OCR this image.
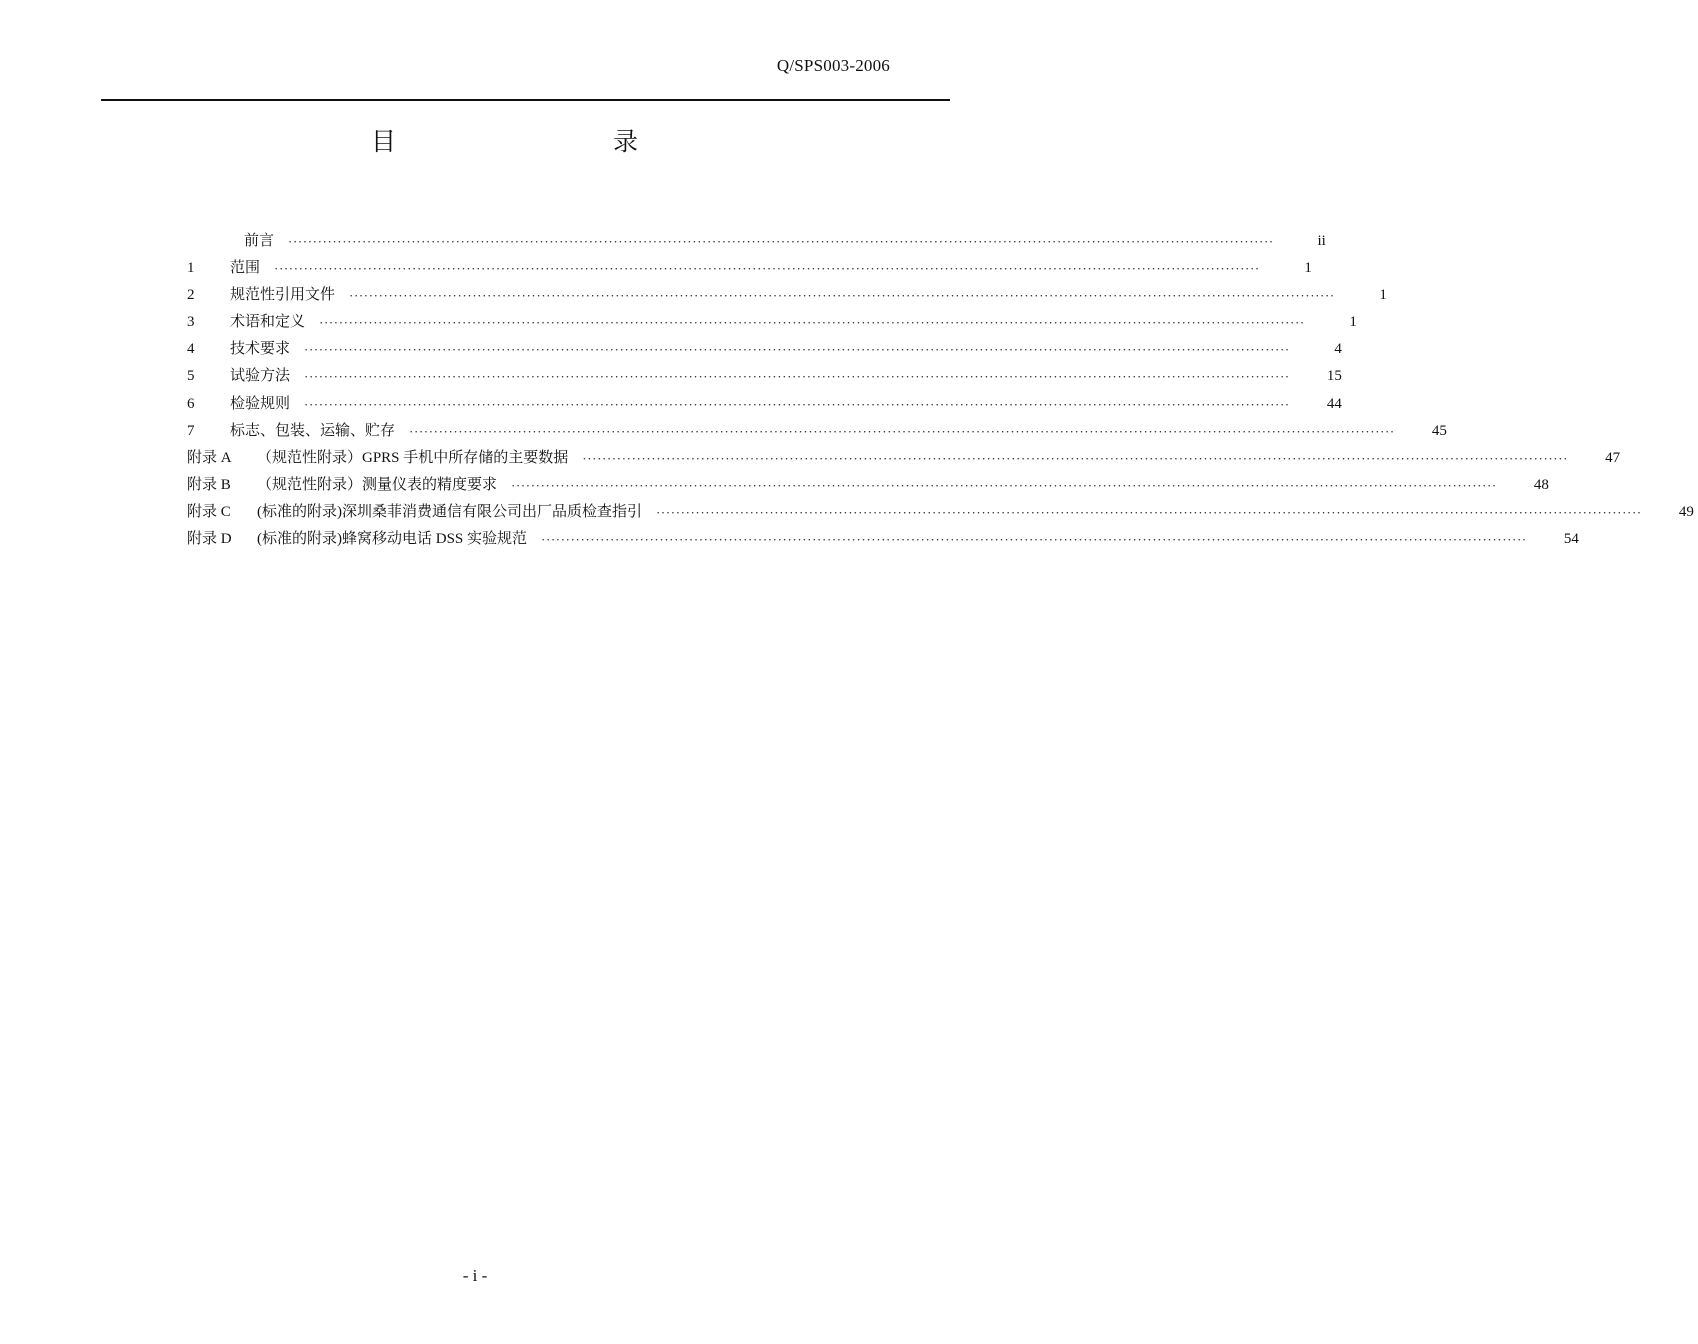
Q/SPS003-2006
目	录
前言	········································································································································································································	ii
1	范围	········································································································································································································	1
2	规范性引用文件	········································································································································································································	1
3	术语和定义	········································································································································································································	1
4	技术要求	········································································································································································································	4
5	试验方法	········································································································································································································	15
6	检验规则	········································································································································································································	44
7	标志、包装、运输、贮存	········································································································································································································	45
附录 A	（规范性附录）GPRS 手机中所存储的主要数据	········································································································································································································	47
附录 B	（规范性附录）测量仪表的精度要求	········································································································································································································	48
附录 C	(标准的附录)深圳桑菲消费通信有限公司出厂品质检查指引	········································································································································································································	49
附录 D	(标准的附录)蜂窝移动电话 DSS 实验规范	········································································································································································································	54
- i -
